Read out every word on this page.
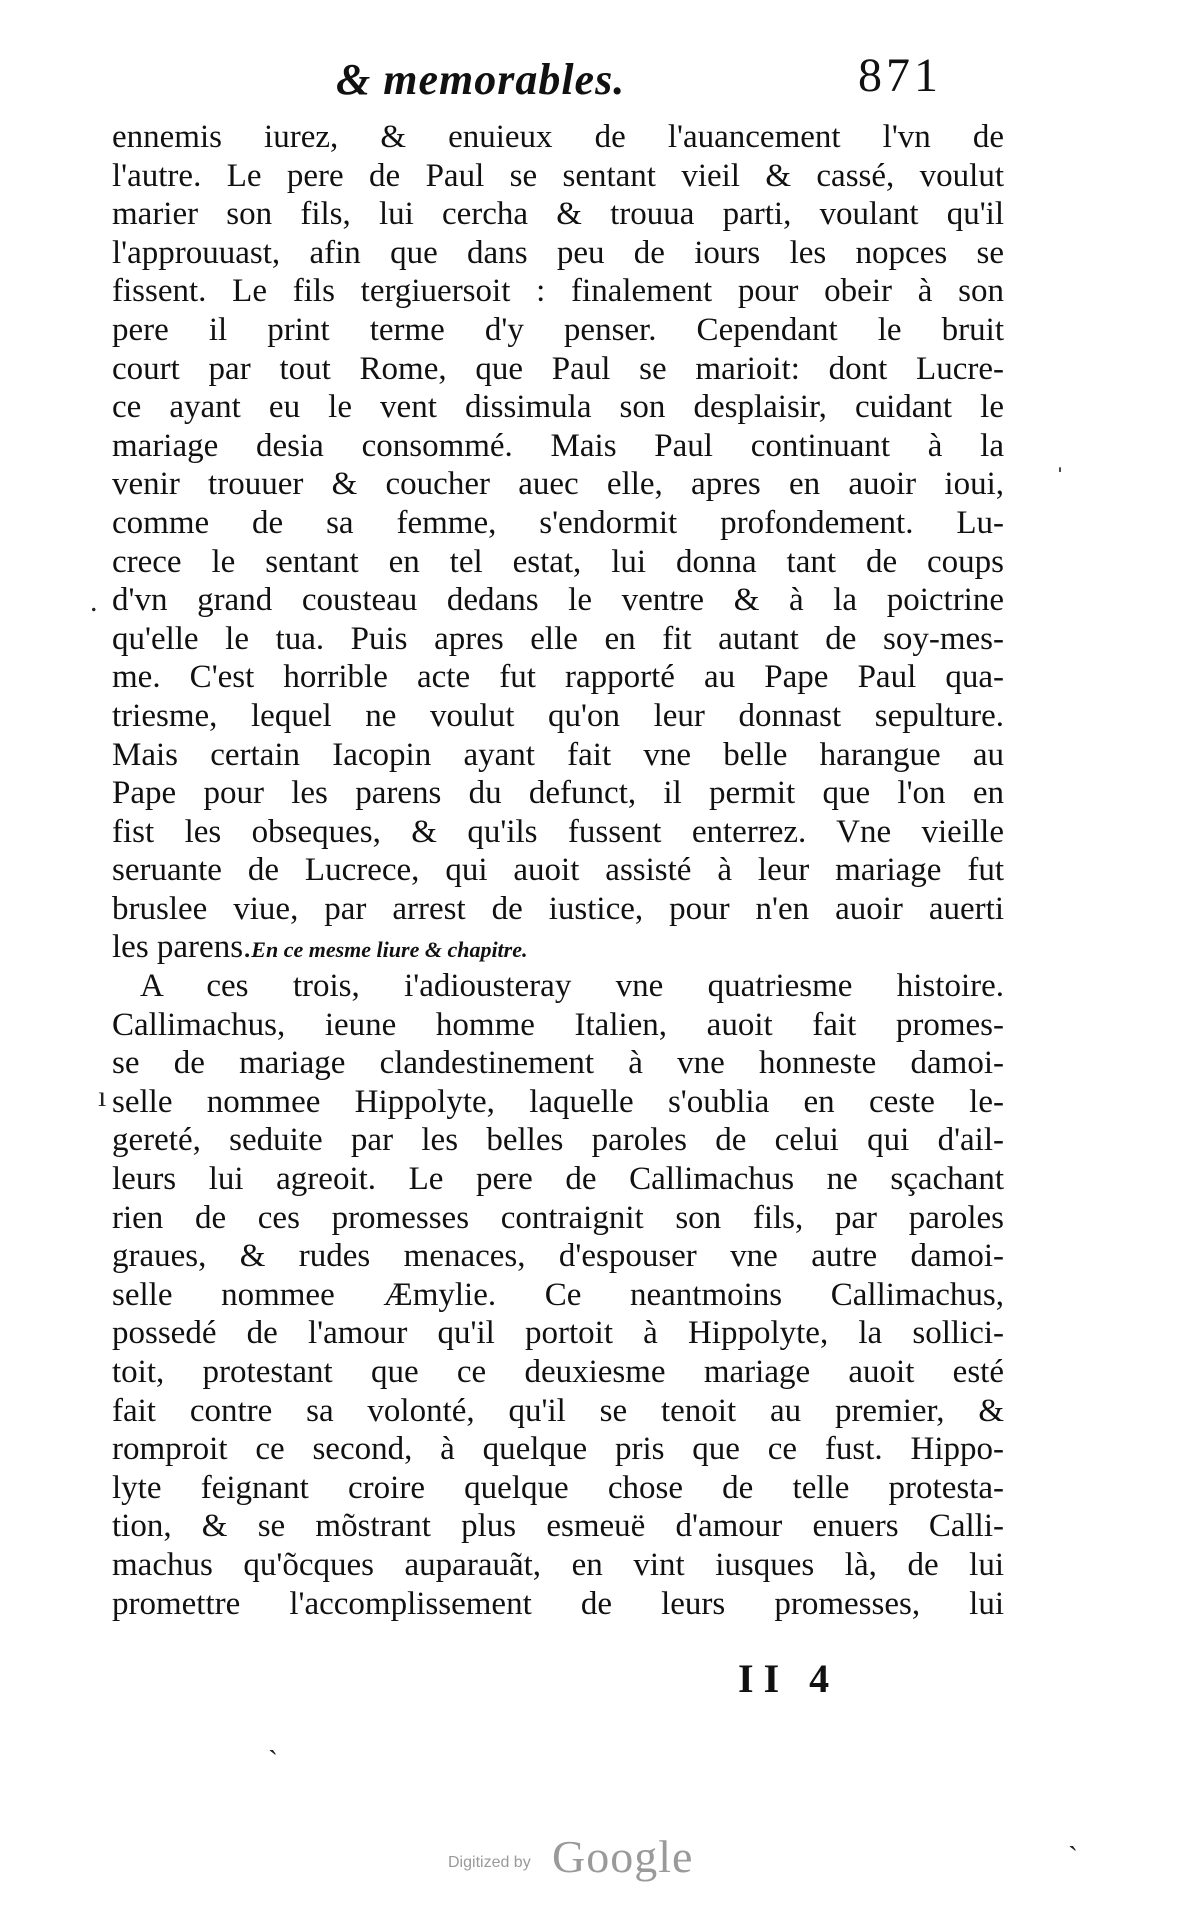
& memorables.	871
ennemis iurez, & enuieux de l'auancement l'vn de
l'autre. Le pere de Paul se sentant vieil & cassé, voulut
marier son fils, lui cercha & trouua parti, voulant qu'il
l'approuuast, afin que dans peu de iours les nopces se
fissent. Le fils tergiuersoit : finalement pour obeir à son
pere il print terme d'y penser. Cependant le bruit
court par tout Rome, que Paul se marioit: dont Lucre-
ce ayant eu le vent dissimula son desplaisir, cuidant le
mariage desia consommé. Mais Paul continuant à la
venir trouuer & coucher auec elle, apres en auoir ioui,
comme de sa femme, s'endormit profondement. Lu-
crece le sentant en tel estat, lui donna tant de coups
d'vn grand cousteau dedans le ventre & à la poictrine
qu'elle le tua. Puis apres elle en fit autant de soy-mes-
me. C'est horrible acte fut rapporté au Pape Paul qua-
triesme, lequel ne voulut qu'on leur donnast sepulture.
Mais certain Iacopin ayant fait vne belle harangue au
Pape pour les parens du defunct, il permit que l'on en
fist les obseques, & qu'ils fussent enterrez. Vne vieille
seruante de Lucrece, qui auoit assisté à leur mariage fut
bruslee viue, par arrest de iustice, pour n'en auoir auerti
les parens.En ce mesme liure & chapitre.
A ces trois, i'adiousteray vne quatriesme histoire.
Callimachus, ieune homme Italien, auoit fait promes-
se de mariage clandestinement à vne honneste damoi-
selle nommee Hippolyte, laquelle s'oublia en ceste le-
gereté, seduite par les belles paroles de celui qui d'ail-
leurs lui agreoit. Le pere de Callimachus ne sçachant
rien de ces promesses contraignit son fils, par paroles
graues, & rudes menaces, d'espouser vne autre damoi-
selle nommee Æmylie. Ce neantmoins Callimachus,
possedé de l'amour qu'il portoit à Hippolyte, la sollici-
toit, protestant que ce deuxiesme mariage auoit esté
fait contre sa volonté, qu'il se tenoit au premier, &
romproit ce second, à quelque pris que ce fust. Hippo-
lyte feignant croire quelque chose de telle protesta-
tion, & se mõstrant plus esmeuë d'amour enuers Calli-
machus qu'õcques auparauãt, en vint iusques là, de lui
promettre l'accomplissement de leurs promesses, lui
II 4
ˈ
.
ı
ˎ
ˏ
Digitized by Google
